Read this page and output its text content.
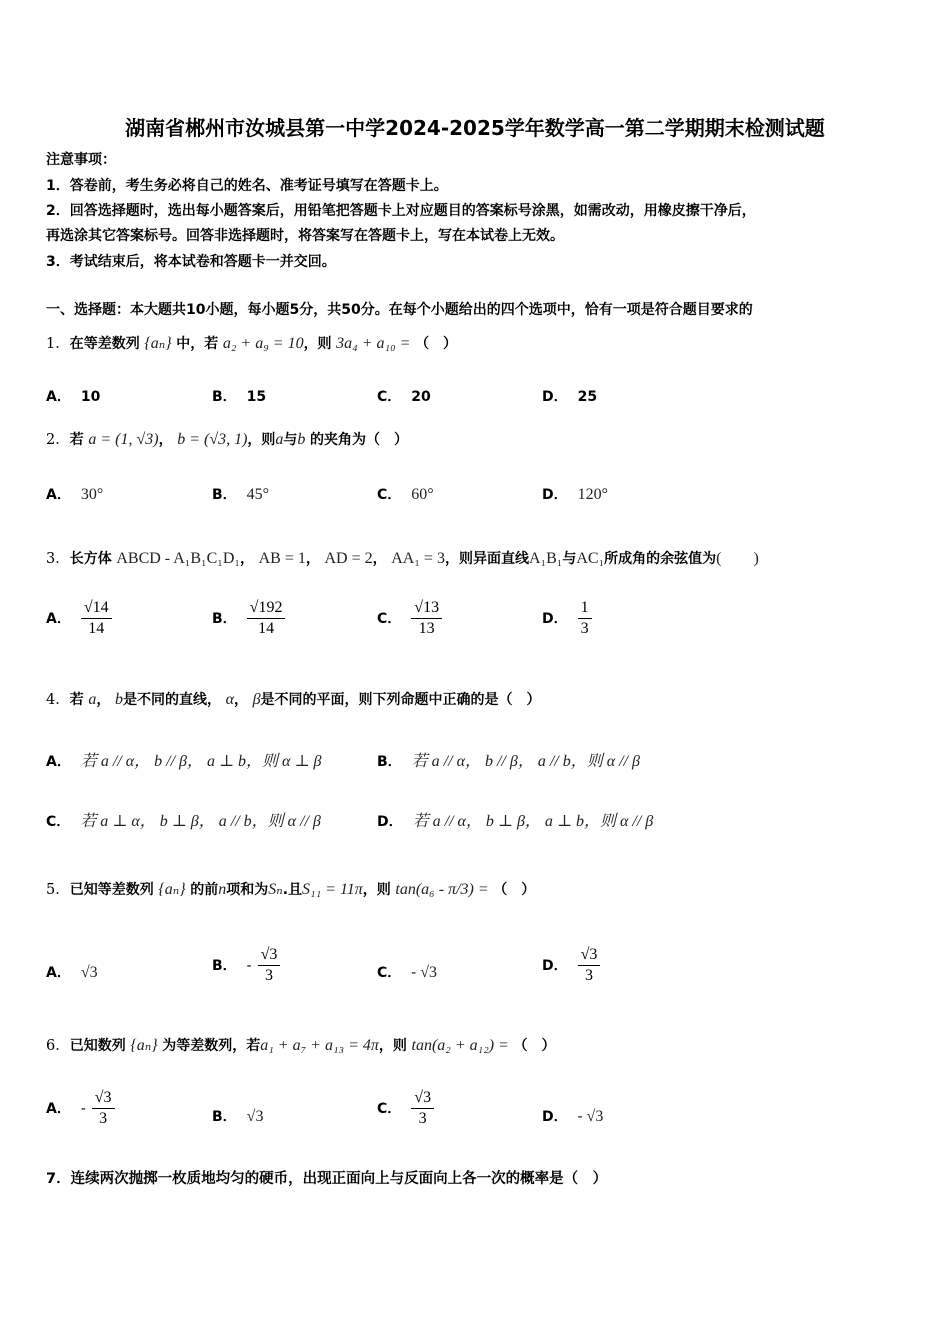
湖南省郴州市汝城县第一中学2024-2025学年数学高一第二学期期末检测试题
注意事项：
1．答卷前，考生务必将自己的姓名、准考证号填写在答题卡上。
2．回答选择题时，选出每小题答案后，用铅笔把答题卡上对应题目的答案标号涂黑，如需改动，用橡皮擦干净后，
再选涂其它答案标号。回答非选择题时，将答案写在答题卡上，写在本试卷上无效。
3．考试结束后，将本试卷和答题卡一并交回。
一、选择题：本大题共10小题，每小题5分，共50分。在每个小题给出的四个选项中，恰有一项是符合题目要求的
1．在等差数列 {aₙ} 中，若 a₂ + a₉ = 10，则 3a₄ + a₁₀ = （　）
A． 10	B． 15	C． 20	D． 25
2．若 a = (1, √3)， b = (√3, 1)，则a与b 的夹角为（　）
A． 30°	B． 45°	C． 60°	D． 120°
3．长方体 ABCD - A₁B₁C₁D₁， AB = 1， AD = 2， AA₁ = 3，则异面直线A₁B₁与AC₁所成角的余弦值为(　　)
A． $\frac{√14}{14}$	B． $\frac{√192}{14}$	C． $\frac{√13}{13}$	D． $\frac{1}{3}$
4．若 a， b是不同的直线， α， β是不同的平面，则下列命题中正确的是（　）
A． 若 a // α， b // β， a ⊥ b，则 α ⊥ β	B． 若 a // α， b // β， a // b，则 α // β
C． 若 a ⊥ α， b ⊥ β， a // b，则 α // β	D． 若 a // α， b ⊥ β， a ⊥ b，则 α // β
5．已知等差数列 {aₙ} 的前n项和为Sₙ.且S₁₁ = 11π，则 tan(a₆ - π/3) = （　）
A． √3	B． - $\frac{√3}{3}$	C． - √3	D． $\frac{√3}{3}$
6．已知数列 {aₙ} 为等差数列，若a₁ + a₇ + a₁₃ = 4π，则 tan(a₂ + a₁₂) = （　）
A． - $\frac{√3}{3}$	B． √3	C． $\frac{√3}{3}$	D． - √3
7．连续两次抛掷一枚质地均匀的硬币，出现正面向上与反面向上各一次的概率是（　）
